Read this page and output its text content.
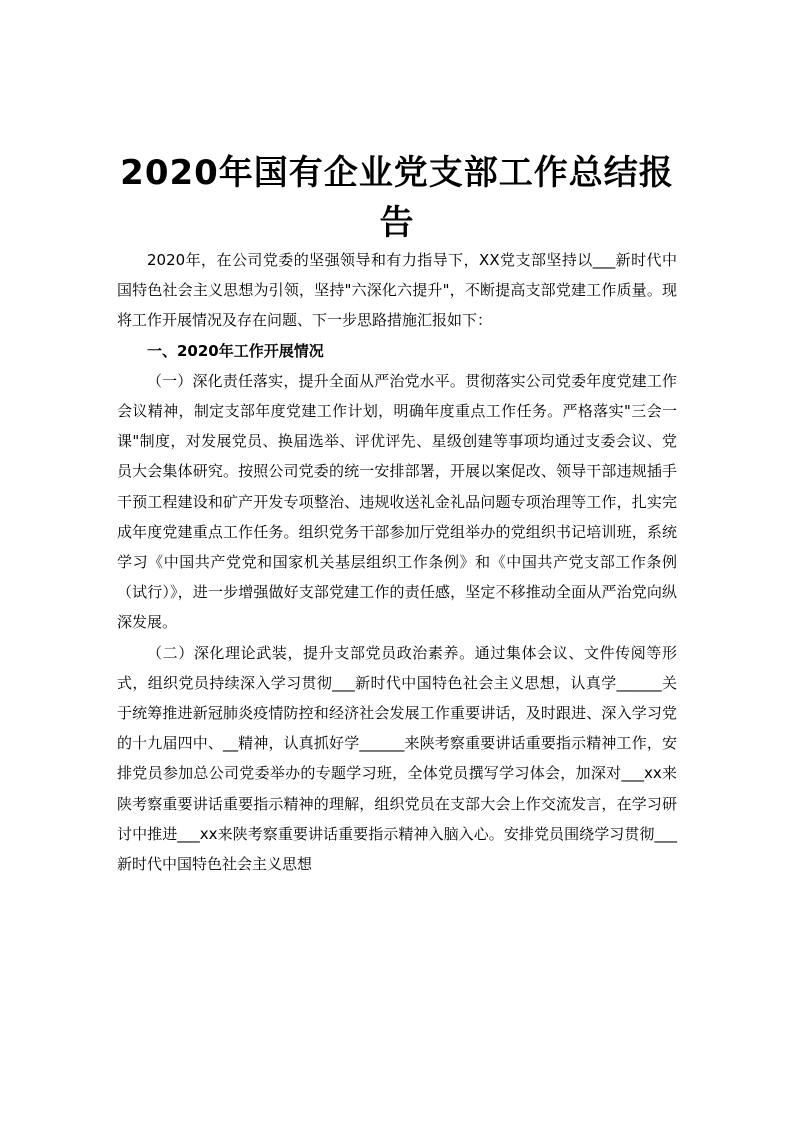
2020年国有企业党支部工作总结报告

2020年，在公司党委的坚强领导和有力指导下，XX党支部坚持以___新时代中国特色社会主义思想为引领，坚持"六深化六提升"，不断提高支部党建工作质量。现将工作开展情况及存在问题、下一步思路措施汇报如下：

一、2020年工作开展情况

（一）深化责任落实，提升全面从严治党水平。贯彻落实公司党委年度党建工作会议精神，制定支部年度党建工作计划，明确年度重点工作任务。严格落实"三会一课"制度，对发展党员、换届选举、评优评先、星级创建等事项均通过支委会议、党员大会集体研究。按照公司党委的统一安排部署，开展以案促改、领导干部违规插手干预工程建设和矿产开发专项整治、违规收送礼金礼品问题专项治理等工作，扎实完成年度党建重点工作任务。组织党务干部参加厅党组举办的党组织书记培训班，系统学习《中国共产党党和国家机关基层组织工作条例》和《中国共产党支部工作条例（试行）》，进一步增强做好支部党建工作的责任感，坚定不移推动全面从严治党向纵深发展。

（二）深化理论武装，提升支部党员政治素养。通过集体会议、文件传阅等形式，组织党员持续深入学习贯彻___新时代中国特色社会主义思想，认真学______关于统筹推进新冠肺炎疫情防控和经济社会发展工作重要讲话，及时跟进、深入学习党的十九届四中、__精神，认真抓好学______来陕考察重要讲话重要指示精神工作，安排党员参加总公司党委举办的专题学习班，全体党员撰写学习体会，加深对___xx来陕考察重要讲话重要指示精神的理解，组织党员在支部大会上作交流发言，在学习研讨中推进___xx来陕考察重要讲话重要指示精神入脑入心。安排党员围绕学习贯彻___新时代中国特色社会主义思想
